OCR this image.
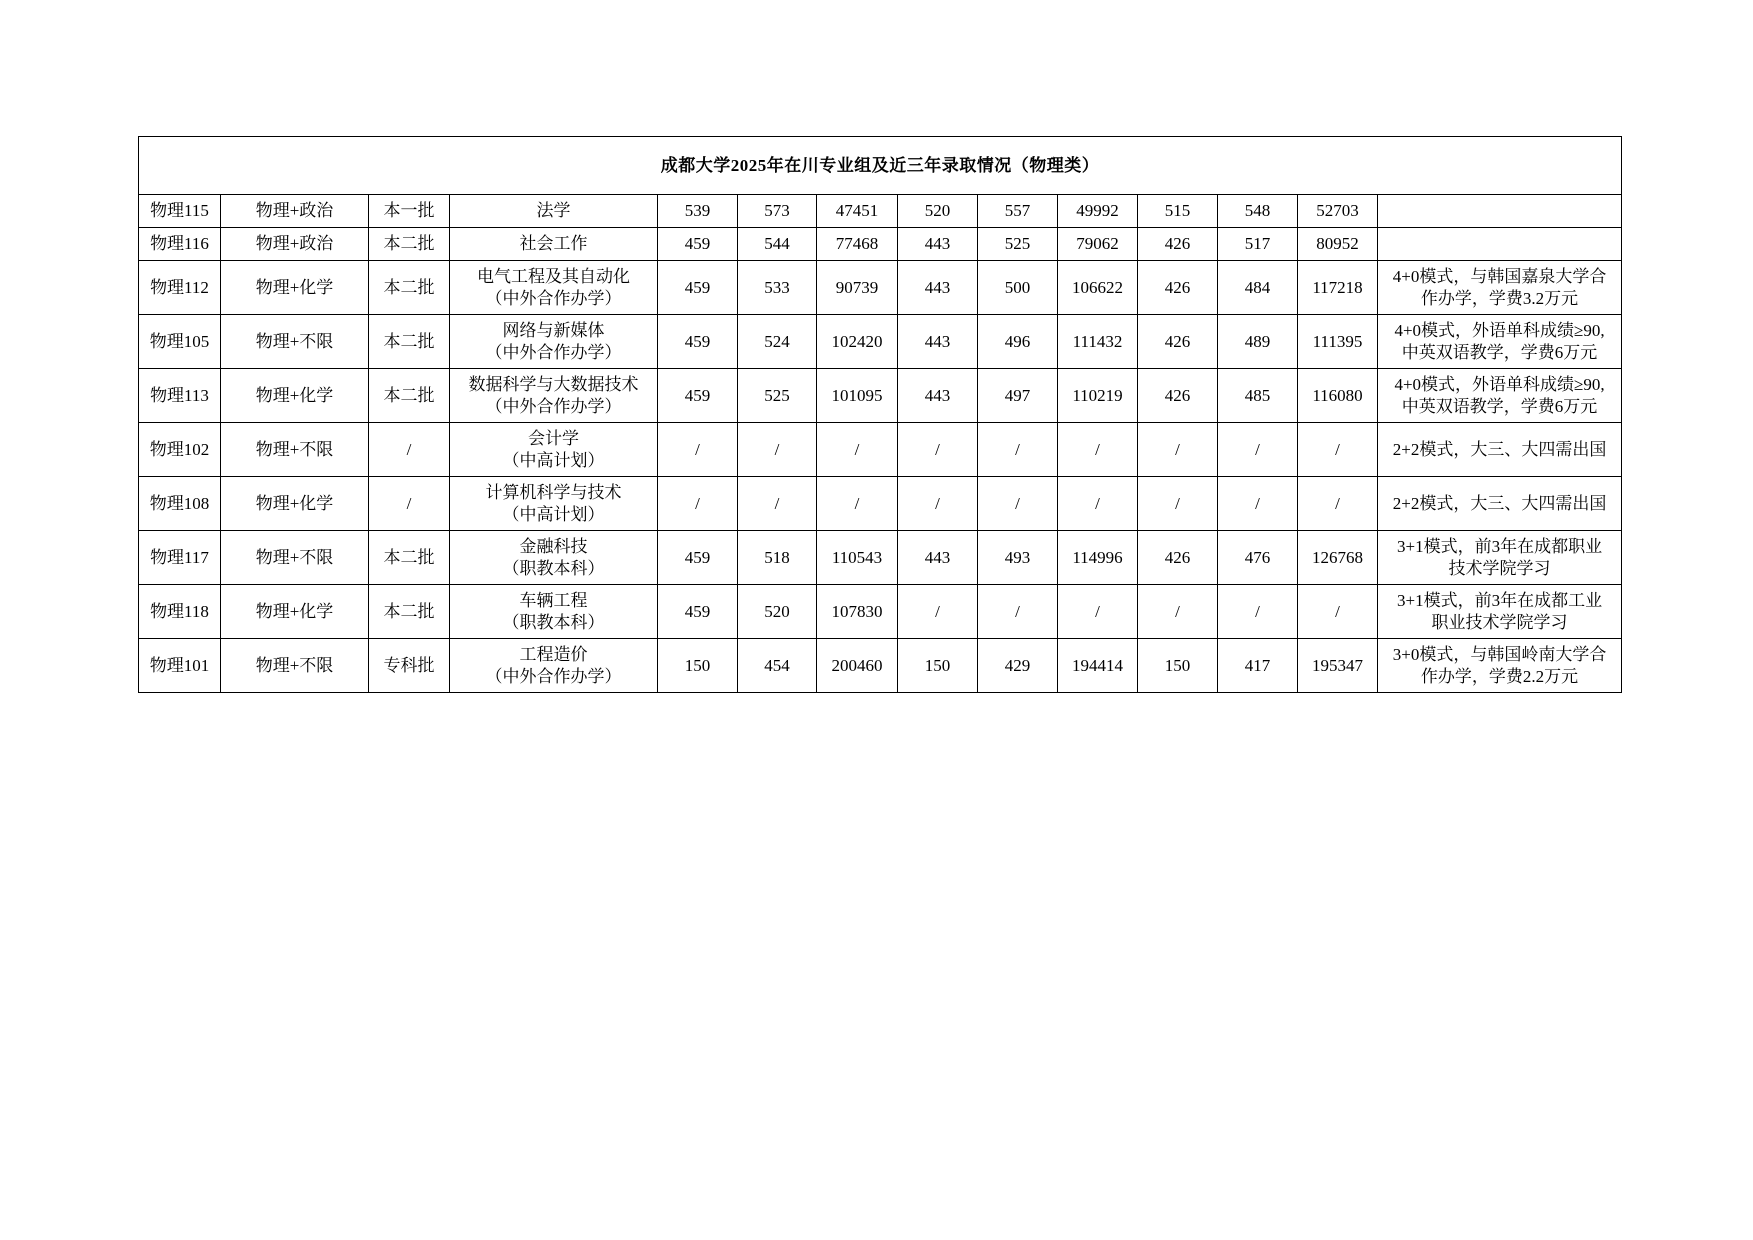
成都大学2025年在川专业组及近三年录取情况（物理类）													
物理115	物理+政治	本一批	法学	539	573	47451	520	557	49992	515	548	52703	
物理116	物理+政治	本二批	社会工作	459	544	77468	443	525	79062	426	517	80952	
物理112	物理+化学	本二批	电气工程及其自动化
（中外合作办学）	459	533	90739	443	500	106622	426	484	117218	4+0模式，与韩国嘉泉大学合
作办学，学费3.2万元

物理105	物理+不限	本二批	网络与新媒体
（中外合作办学）	459	524	102420	443	496	111432	426	489	111395	4+0模式，外语单科成绩≥90,
中英双语教学，学费6万元

物理113	物理+化学	本二批	数据科学与大数据技术
（中外合作办学）	459	525	101095	443	497	110219	426	485	116080	4+0模式，外语单科成绩≥90,
中英双语教学，学费6万元

物理102	物理+不限	/	会计学
（中高计划）	/	/	/	/	/	/	/	/	/	2+2模式，大三、大四需出国

物理108	物理+化学	/	计算机科学与技术
（中高计划）	/	/	/	/	/	/	/	/	/	2+2模式，大三、大四需出国

物理117	物理+不限	本二批	金融科技
（职教本科）	459	518	110543	443	493	114996	426	476	126768	3+1模式，前3年在成都职业
技术学院学习

物理118	物理+化学	本二批	车辆工程
（职教本科）	459	520	107830	/	/	/	/	/	/	3+1模式，前3年在成都工业
职业技术学院学习

物理101	物理+不限	专科批	工程造价
（中外合作办学）	150	454	200460	150	429	194414	150	417	195347	3+0模式，与韩国岭南大学合
作办学，学费2.2万元
